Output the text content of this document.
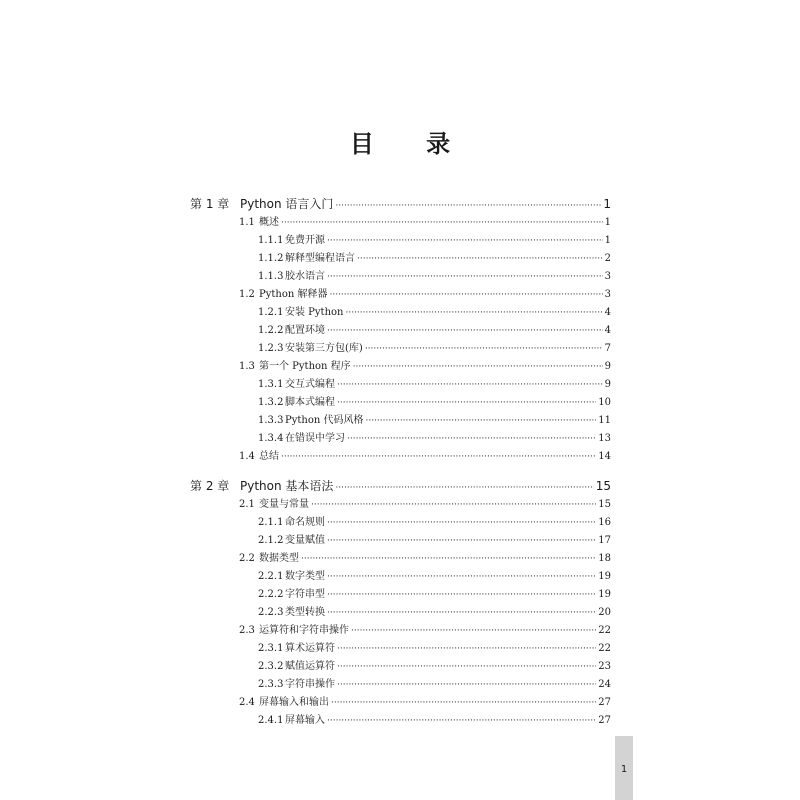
目 录
第 1 章 Python 语言入门 ·····	1
1.1 概述 ·····	1
1.1.1 免费开源 ·····	1
1.1.2 解释型编程语言 ·····	2
1.1.3 胶水语言 ·····	3
1.2 Python 解释器 ·····	3
1.2.1 安装 Python ·····	4
1.2.2 配置环境 ·····	4
1.2.3 安装第三方包(库) ·····	7
1.3 第一个 Python 程序 ·····	9
1.3.1 交互式编程 ·····	9
1.3.2 脚本式编程 ·····	10
1.3.3 Python 代码风格 ·····	11
1.3.4 在错误中学习 ·····	13
1.4 总结 ·····	14
第 2 章 Python 基本语法 ·····	15
2.1 变量与常量 ·····	15
2.1.1 命名规则 ·····	16
2.1.2 变量赋值 ·····	17
2.2 数据类型 ·····	18
2.2.1 数字类型 ·····	19
2.2.2 字符串型 ·····	19
2.2.3 类型转换 ·····	20
2.3 运算符和字符串操作 ·····	22
2.3.1 算术运算符 ·····	22
2.3.2 赋值运算符 ·····	23
2.3.3 字符串操作 ·····	24
2.4 屏幕输入和输出 ·····	27
2.4.1 屏幕输入 ·····	27
1
